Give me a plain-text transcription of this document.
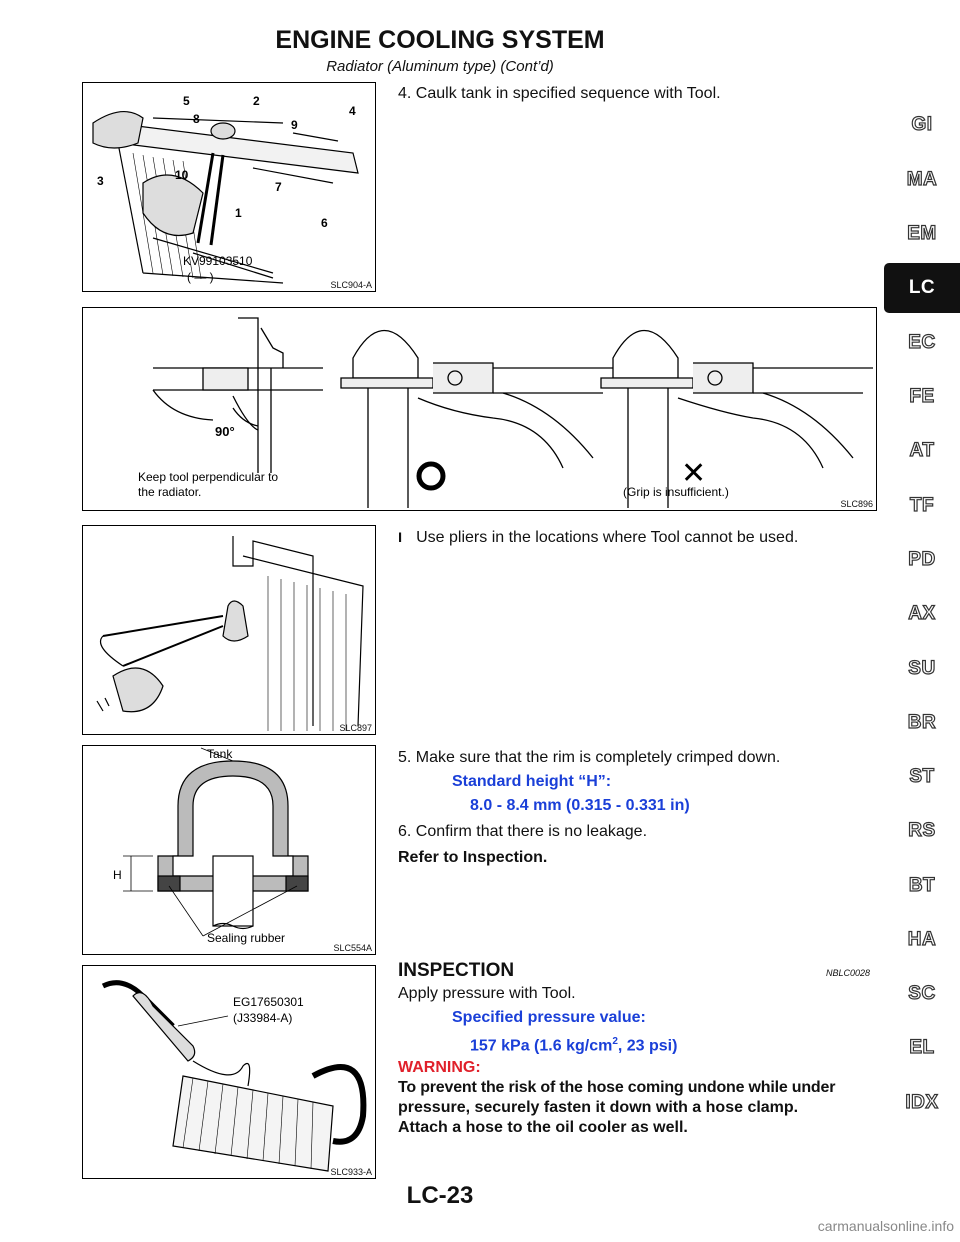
ENGINE COOLING SYSTEM
Radiator (Aluminum type) (Cont’d)
5	2
4
8	9
3	10
7
1
6
KV99103510
( — )
SLC904-A
4. Caulk tank in specified sequence with Tool.
90°
Keep tool perpendicular to
the radiator.
✕
(Grip is insufficient.)
SLC896
SLC897
l Use pliers in the locations where Tool cannot be used.
Tank
H
Sealing rubber
SLC554A
5. Make sure that the rim is completely crimped down.
Standard height “H”:
8.0 - 8.4 mm (0.315 - 0.331 in)
6. Confirm that there is no leakage.
Refer to Inspection.
EG17650301
(J33984-A)
SLC933-A
INSPECTION	NBLC0028
Apply pressure with Tool.
Specified pressure value:
157 kPa (1.6 $kg/cm^2$, 23 psi)
WARNING:
To prevent the risk of the hose coming undone while under
pressure, securely fasten it down with a hose clamp.
Attach a hose to the oil cooler as well.
GI
MA
EM
LC
EC
FE
AT
TF
PD
AX
SU
BR
ST
RS
BT
HA
SC
EL
IDX
LC-23
carmanualsonline.info
